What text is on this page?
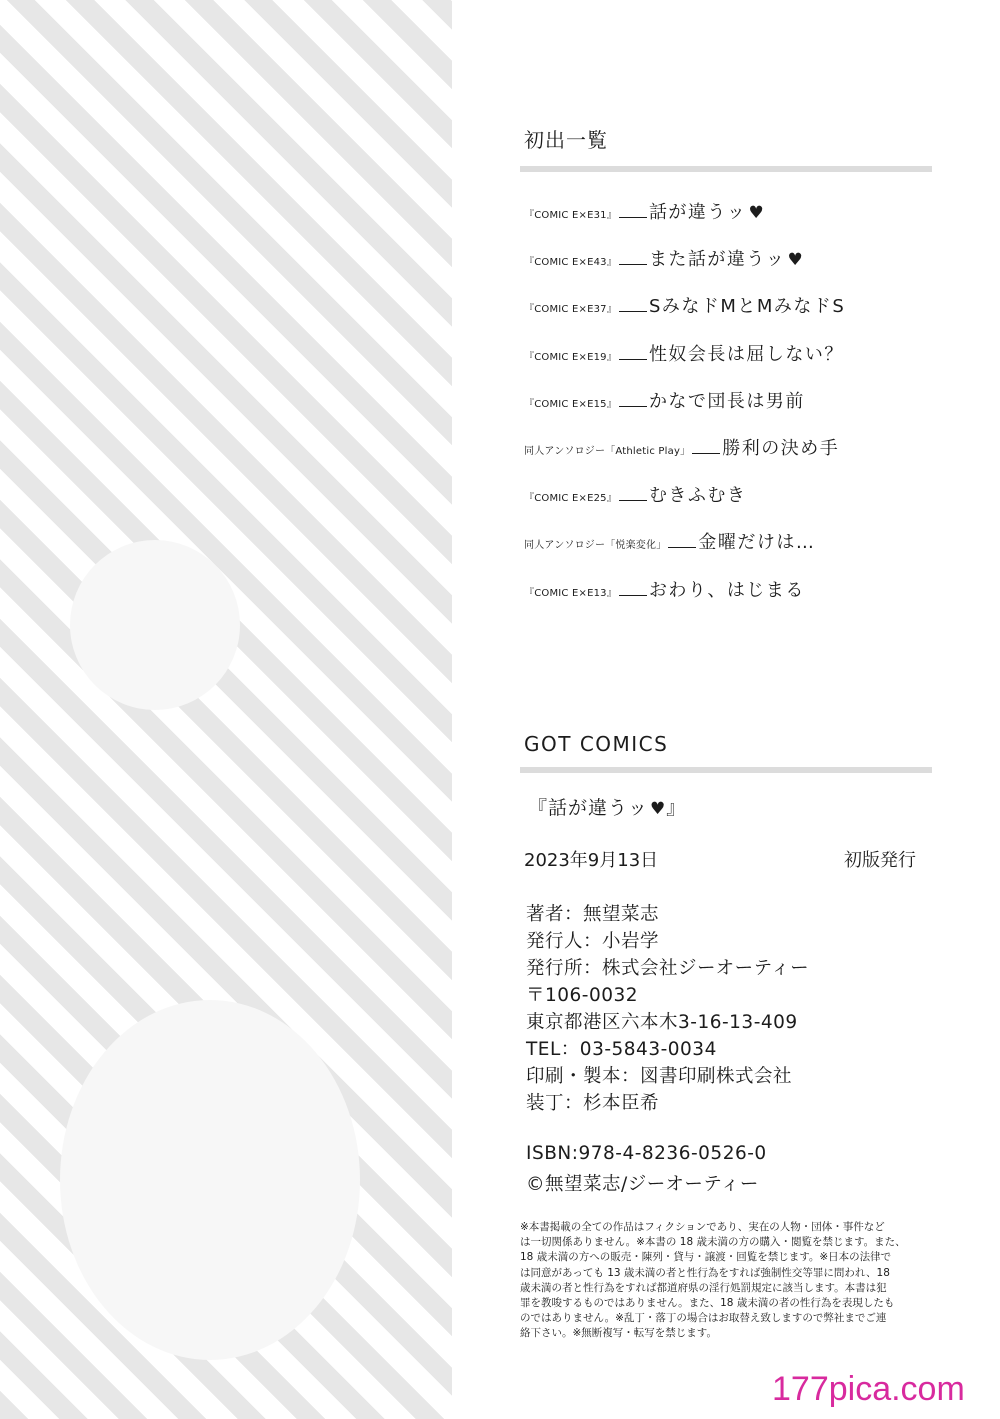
初出一覧
『COMIC E×E31』 話が違うッ ♥
『COMIC E×E43』 また話が違うッ ♥
『COMIC E×E37』 SみなドMとMみなドS
『COMIC E×E19』 性奴会長は屈しない？
『COMIC E×E15』 かなで団長は男前
同人アンソロジー「Athletic Play」 勝利の決め手
『COMIC E×E25』 むきふむき
同人アンソロジー「悦楽変化」 金曜だけは…
『COMIC E×E13』 おわり、はじまる
GOT COMICS
『話が違うッ ♥』
2023年9月13日	初版発行
著者：無望菜志
発行人：小岩学
発行所：株式会社ジーオーティー
〒106-0032
東京都港区六本木3-16-13-409
TEL：03-5843-0034
印刷・製本：図書印刷株式会社
装丁：杉本臣希
ISBN:978-4-8236-0526-0
©無望菜志/ジーオーティー
※本書掲載の全ての作品はフィクションであり、実在の人物・団体・事件など
は一切関係ありません。※本書の 18 歳未満の方の購入・閲覧を禁じます。また、
18 歳未満の方への販売・陳列・貸与・譲渡・回覧を禁じます。※日本の法律で
は同意があっても 13 歳未満の者と性行為をすれば強制性交等罪に問われ、18
歳未満の者と性行為をすれば都道府県の淫行処罰規定に該当します。本書は犯
罪を教唆するものではありません。また、18 歳未満の者の性行為を表現したも
のではありません。※乱丁・落丁の場合はお取替え致しますので弊社までご連
絡下さい。※無断複写・転写を禁じます。
177pica.com
